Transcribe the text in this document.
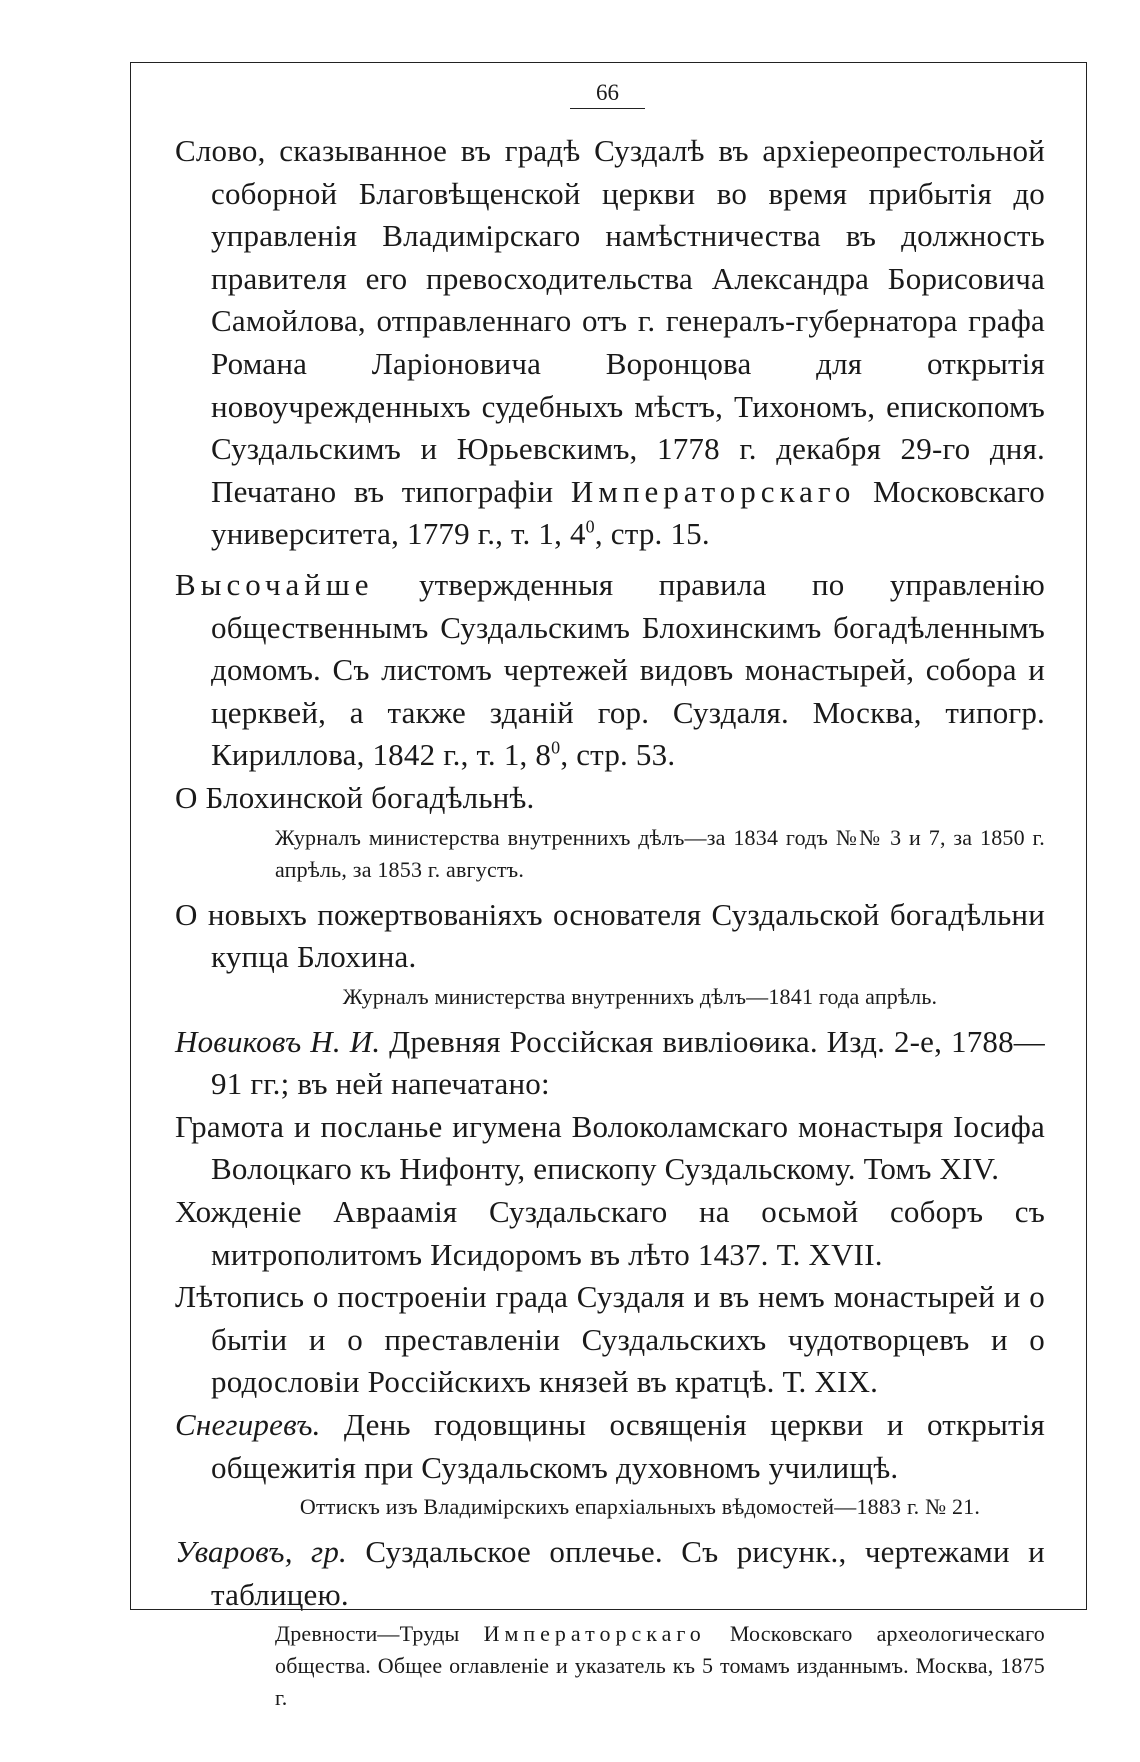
66

Слово, сказываннoe въ градѣ Суздалѣ въ архіереопрестольной соборной Благовѣщенской церкви во время прибытія до управленія Владимірскаго намѣстничества въ должность правителя его превосходительства Александра Борисовича Самойлова, отправленнаго отъ г. генералъ-губернатора графа Романа Ларіоновича Воронцова для открытія новоучрежденныхъ судебныхъ мѣстъ, Тихономъ, епископомъ Суздальскимъ и Юрьевскимъ, 1778 г. декабря 29-го дня. Печатано въ типографіи Императорскаго Московскаго университета, 1779 г., т. 1, $4^0$, стр. 15.

Высочайше утвержденныя правила по управленію общественнымъ Суздальскимъ Блохинскимъ богадѣленнымъ домомъ. Съ листомъ чертежей видовъ монастырей, собора и церквей, а также зданій гор. Суздаля. Москва, типогр. Кириллова, 1842 г., т. 1, $8^0$, стр. 53.

О Блохинской богадѣльнѣ.

Журналъ министерства внутреннихъ дѣлъ—за 1834 годъ №№ 3 и 7, за 1850 г. апрѣль, за 1853 г. августъ.

О новыхъ пожертвованіяхъ основателя Суздальской богадѣльни купца Блохина.

Журналъ министерства внутреннихъ дѣлъ—1841 года апрѣль.

Новиковъ Н. И. Древняя Россійская вивліоѳика. Изд. 2-е, 1788—91 гг.; въ ней напечатано:

Грамота и посланье игумена Волоколамскаго монастыря Іосифа Волоцкаго къ Нифонту, епископу Суздальскому. Томъ XIV.

Хожденіе Авраамія Суздальскаго на осьмой соборъ съ митрополитомъ Исидоромъ въ лѣто 1437. Т. XVII.

Лѣтопись о построеніи града Суздаля и въ немъ монастырей и о бытіи и о преставленіи Суздальскихъ чудотворцевъ и о родословіи Россійскихъ князей въ кратцѣ. Т. XIX.

Снегиревъ. День годовщины освященія церкви и открытія общежитія при Суздальскомъ духовномъ училищѣ.

Оттискъ изъ Владимірскихъ епархіальныхъ вѣдомостей—1883 г. № 21.

Уваровъ, гр. Суздальское оплечье. Съ рисунк., чертежами и таблицею.

Древности—Труды Императорскаго Московскаго археологическаго общества. Общее оглавленіе и указатель къ 5 томамъ изданнымъ. Москва, 1875 г.
